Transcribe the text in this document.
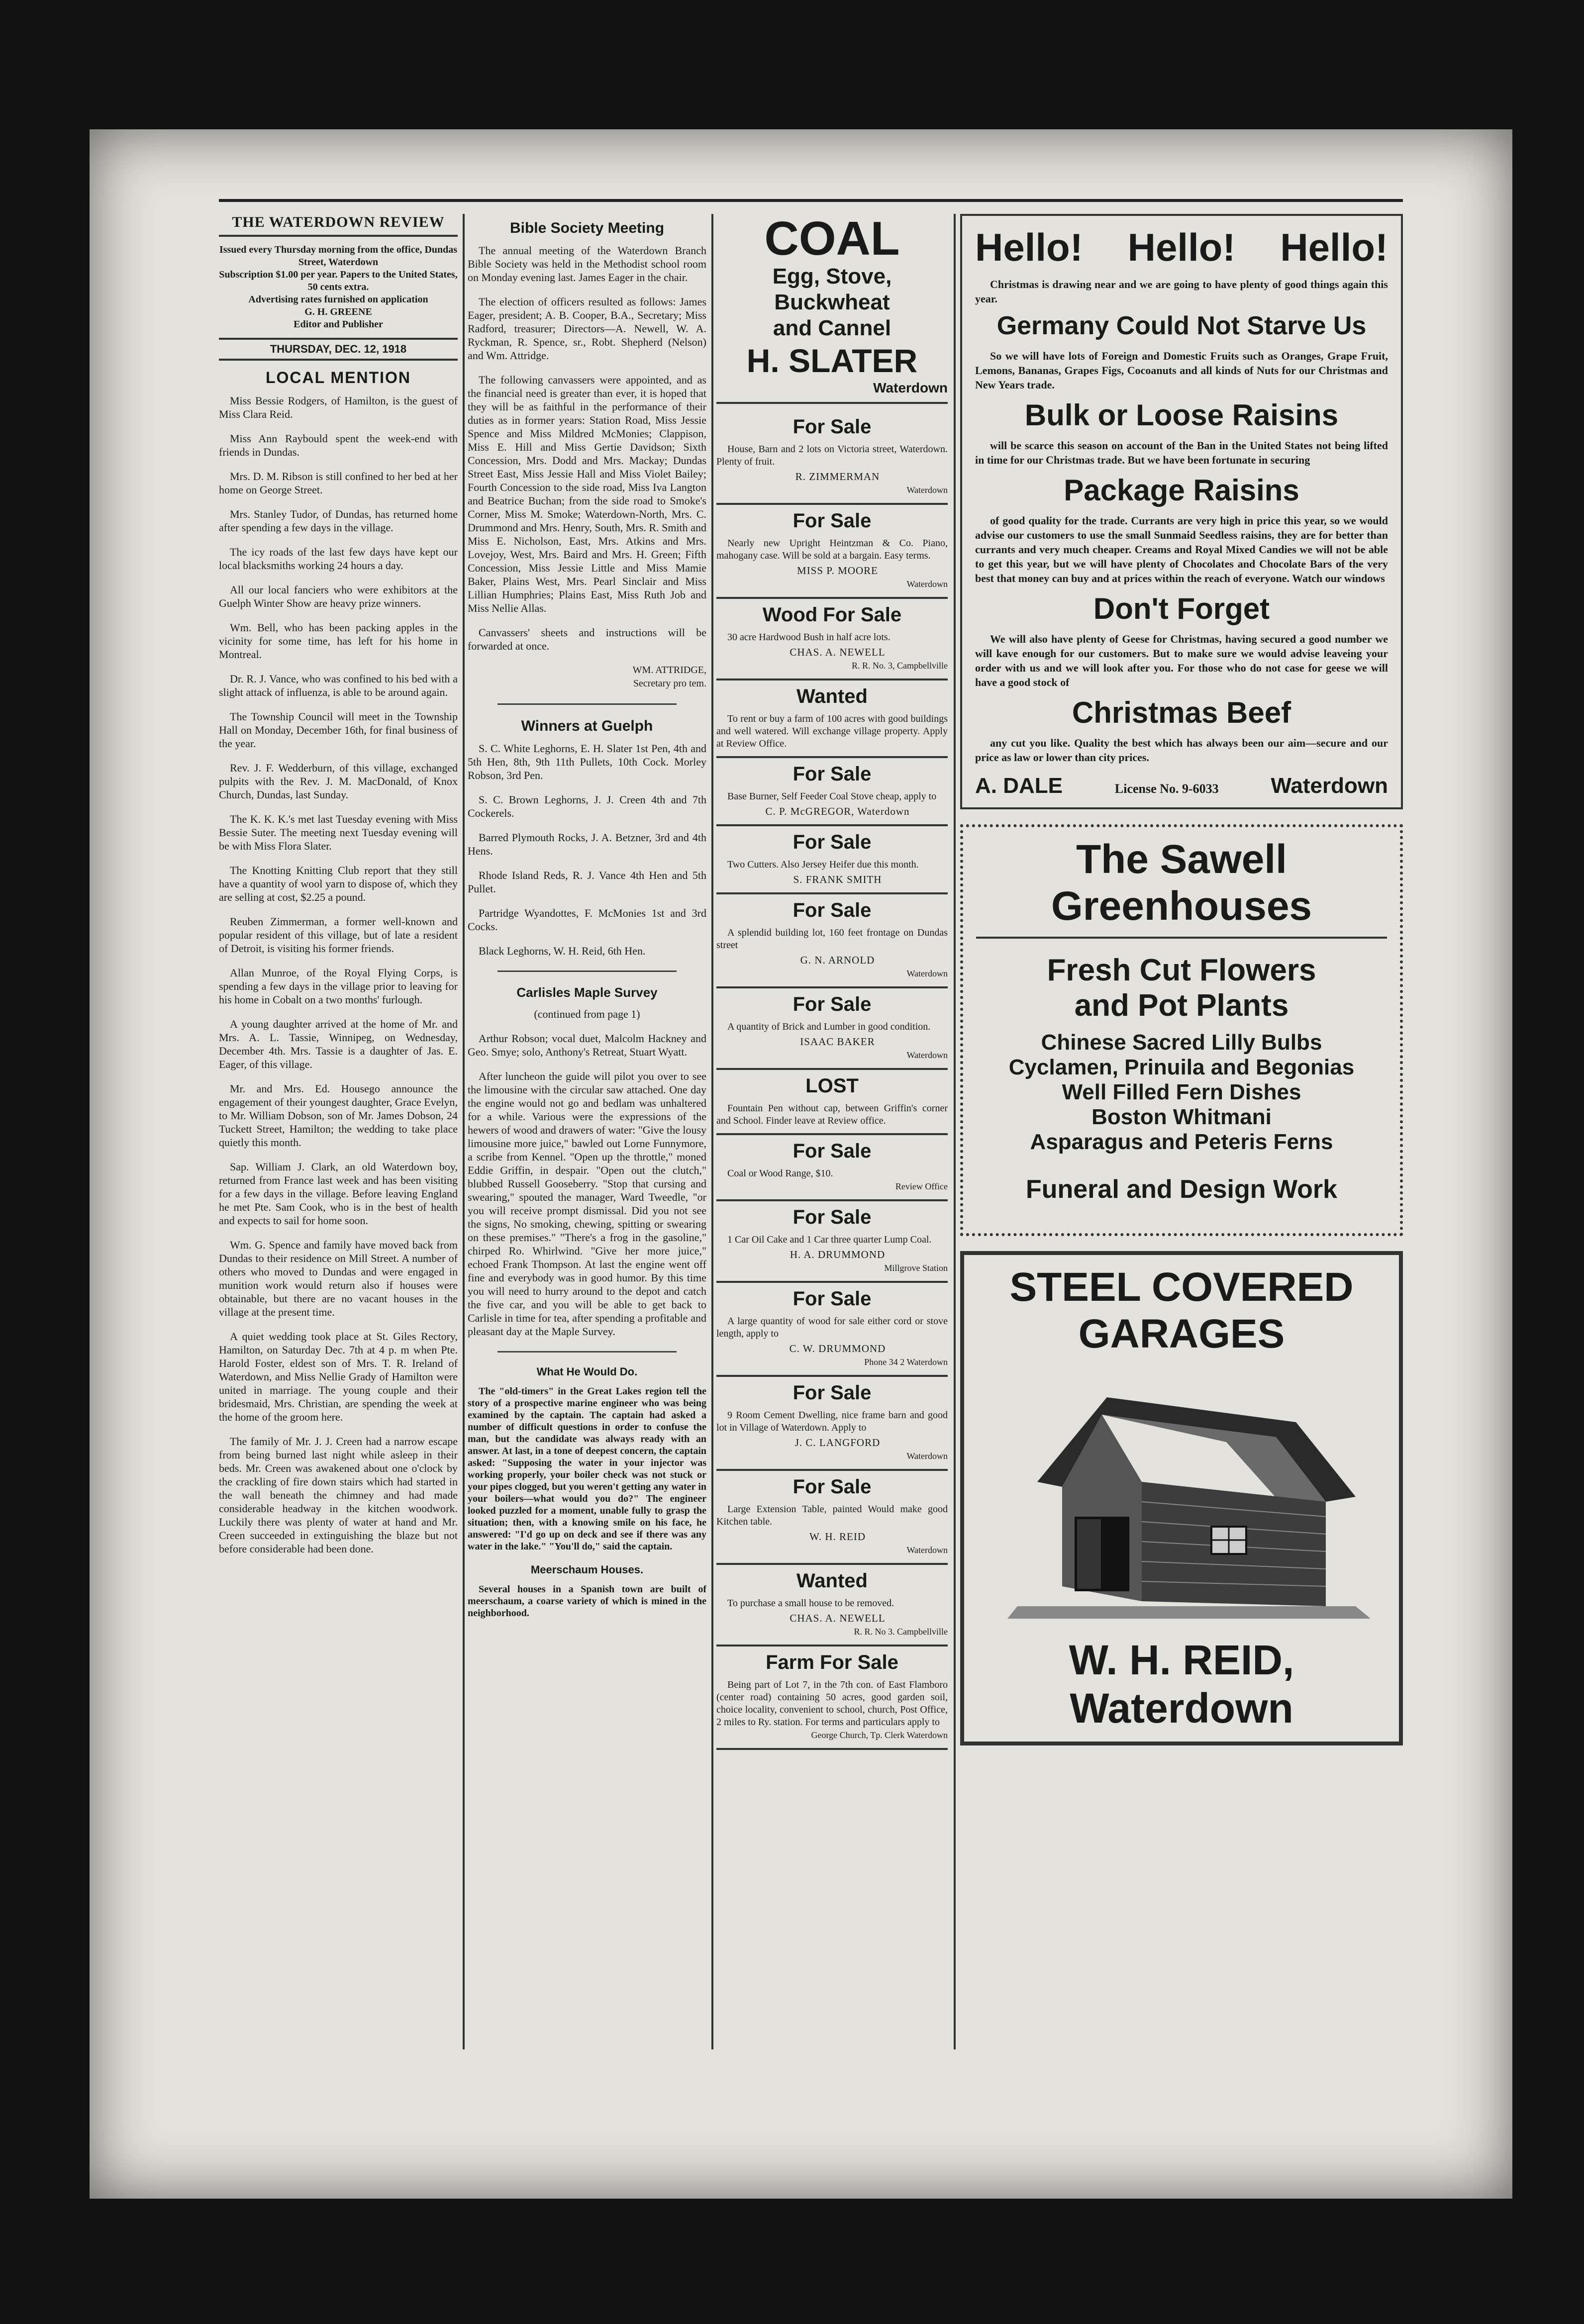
THE WATERDOWN REVIEW

Issued every Thursday morning from the office, Dundas Street, Waterdown

Subscription $1.00 per year. Papers to the United States, 50 cents extra.

Advertising rates furnished on application

G. H. GREENE

Editor and Publisher

THURSDAY, DEC. 12, 1918
LOCAL MENTION

Miss Bessie Rodgers, of Hamilton, is the guest of Miss Clara Reid.

Miss Ann Raybould spent the week-end with friends in Dundas.

Mrs. D. M. Ribson is still confined to her bed at her home on George Street.

Mrs. Stanley Tudor, of Dundas, has returned home after spending a few days in the village.

The icy roads of the last few days have kept our local blacksmiths working 24 hours a day.

All our local fanciers who were exhibitors at the Guelph Winter Show are heavy prize winners.

Wm. Bell, who has been packing apples in the vicinity for some time, has left for his home in Montreal.

Dr. R. J. Vance, who was confined to his bed with a slight attack of influenza, is able to be around again.

The Township Council will meet in the Township Hall on Monday, December 16th, for final business of the year.

Rev. J. F. Wedderburn, of this village, exchanged pulpits with the Rev. J. M. MacDonald, of Knox Church, Dundas, last Sunday.

The K. K. K.'s met last Tuesday evening with Miss Bessie Suter. The meeting next Tuesday evening will be with Miss Flora Slater.

The Knotting Knitting Club report that they still have a quantity of wool yarn to dispose of, which they are selling at cost, $2.25 a pound.

Reuben Zimmerman, a former well-known and popular resident of this village, but of late a resident of Detroit, is visiting his former friends.

Allan Munroe, of the Royal Flying Corps, is spending a few days in the village prior to leaving for his home in Cobalt on a two months' furlough.

A young daughter arrived at the home of Mr. and Mrs. A. L. Tassie, Winnipeg, on Wednesday, December 4th. Mrs. Tassie is a daughter of Jas. E. Eager, of this village.

Mr. and Mrs. Ed. Housego announce the engagement of their youngest daughter, Grace Evelyn, to Mr. William Dobson, son of Mr. James Dobson, 24 Tuckett Street, Hamilton; the wedding to take place quietly this month.

Sap. William J. Clark, an old Waterdown boy, returned from France last week and has been visiting for a few days in the village. Before leaving England he met Pte. Sam Cook, who is in the best of health and expects to sail for home soon.

Wm. G. Spence and family have moved back from Dundas to their residence on Mill Street. A number of others who moved to Dundas and were engaged in munition work would return also if houses were obtainable, but there are no vacant houses in the village at the present time.

A quiet wedding took place at St. Giles Rectory, Hamilton, on Saturday Dec. 7th at 4 p. m when Pte. Harold Foster, eldest son of Mrs. T. R. Ireland of Waterdown, and Miss Nellie Grady of Hamilton were united in marriage. The young couple and their bridesmaid, Mrs. Christian, are spending the week at the home of the groom here.

The family of Mr. J. J. Creen had a narrow escape from being burned last night while asleep in their beds. Mr. Creen was awakened about one o'clock by the crackling of fire down stairs which had started in the wall beneath the chimney and had made considerable headway in the kitchen woodwork. Luckily there was plenty of water at hand and Mr. Creen succeeded in extinguishing the blaze but not before considerable had been done.

Bible Society Meeting

The annual meeting of the Waterdown Branch Bible Society was held in the Methodist school room on Monday evening last. James Eager in the chair.

The election of officers resulted as follows: James Eager, president; A. B. Cooper, B.A., Secretary; Miss Radford, treasurer; Directors—A. Newell, W. A. Ryckman, R. Spence, sr., Robt. Shepherd (Nelson) and Wm. Attridge.

The following canvassers were appointed, and as the financial need is greater than ever, it is hoped that they will be as faithful in the performance of their duties as in former years: Station Road, Miss Jessie Spence and Miss Mildred McMonies; Clappison, Miss E. Hill and Miss Gertie Davidson; Sixth Concession, Mrs. Dodd and Mrs. Mackay; Dundas Street East, Miss Jessie Hall and Miss Violet Bailey; Fourth Concession to the side road, Miss Iva Langton and Beatrice Buchan; from the side road to Smoke's Corner, Miss M. Smoke; Waterdown-North, Mrs. C. Drummond and Mrs. Henry, South, Mrs. R. Smith and Miss E. Nicholson, East, Mrs. Atkins and Mrs. Lovejoy, West, Mrs. Baird and Mrs. H. Green; Fifth Concession, Miss Jessie Little and Miss Mamie Baker, Plains West, Mrs. Pearl Sinclair and Miss Lillian Humphries; Plains East, Miss Ruth Job and Miss Nellie Allas.

Canvassers' sheets and instructions will be forwarded at once.

WM. ATTRIDGE,

Secretary pro tem.

Winners at Guelph

S. C. White Leghorns, E. H. Slater 1st Pen, 4th and 5th Hen, 8th, 9th 11th Pullets, 10th Cock. Morley Robson, 3rd Pen.

S. C. Brown Leghorns, J. J. Creen 4th and 7th Cockerels.

Barred Plymouth Rocks, J. A. Betzner, 3rd and 4th Hens.

Rhode Island Reds, R. J. Vance 4th Hen and 5th Pullet.

Partridge Wyandottes, F. McMonies 1st and 3rd Cocks.

Black Leghorns, W. H. Reid, 6th Hen.

Carlisles Maple Survey

(continued from page 1)

Arthur Robson; vocal duet, Malcolm Hackney and Geo. Smye; solo, Anthony's Retreat, Stuart Wyatt.

After luncheon the guide will pilot you over to see the limousine with the circular saw attached. One day the engine would not go and bedlam was unhaltered for a while. Various were the expressions of the hewers of wood and drawers of water: "Give the lousy limousine more juice," bawled out Lorne Funnymore, a scribe from Kennel. "Open up the throttle," moned Eddie Griffin, in despair. "Open out the clutch," blubbed Russell Gooseberry. "Stop that cursing and swearing," spouted the manager, Ward Tweedle, "or you will receive prompt dismissal. Did you not see the signs, No smoking, chewing, spitting or swearing on these premises." "There's a frog in the gasoline," chirped Ro. Whirlwind. "Give her more juice," echoed Frank Thompson. At last the engine went off fine and everybody was in good humor. By this time you will need to hurry around to the depot and catch the five car, and you will be able to get back to Carlisle in time for tea, after spending a profitable and pleasant day at the Maple Survey.

What He Would Do.

The "old-timers" in the Great Lakes region tell the story of a prospective marine engineer who was being examined by the captain. The captain had asked a number of difficult questions in order to confuse the man, but the candidate was always ready with an answer. At last, in a tone of deepest concern, the captain asked: "Supposing the water in your injector was working properly, your boiler check was not stuck or your pipes clogged, but you weren't getting any water in your boilers—what would you do?" The engineer looked puzzled for a moment, unable fully to grasp the situation; then, with a knowing smile on his face, he answered: "I'd go up on deck and see if there was any water in the lake." "You'll do," said the captain.

Meerschaum Houses.

Several houses in a Spanish town are built of meerschaum, a coarse variety of which is mined in the neighborhood.

COAL
Egg, Stove, Buckwheat
and Cannel
H. SLATER
Waterdown
For Sale

House, Barn and 2 lots on Victoria street, Waterdown. Plenty of fruit.

R. ZIMMERMAN

Waterdown

For Sale

Nearly new Upright Heintzman & Co. Piano, mahogany case. Will be sold at a bargain. Easy terms.

MISS P. MOORE

Waterdown

Wood For Sale

30 acre Hardwood Bush in half acre lots.

CHAS. A. NEWELL

R. R. No. 3, Campbellville

Wanted

To rent or buy a farm of 100 acres with good buildings and well watered. Will exchange village property. Apply at Review Office.

For Sale

Base Burner, Self Feeder Coal Stove cheap, apply to

C. P. McGREGOR, Waterdown

For Sale

Two Cutters. Also Jersey Heifer due this month.

S. FRANK SMITH

For Sale

A splendid building lot, 160 feet frontage on Dundas street

G. N. ARNOLD

Waterdown

For Sale

A quantity of Brick and Lumber in good condition.

ISAAC BAKER

Waterdown

LOST

Fountain Pen without cap, between Griffin's corner and School. Finder leave at Review office.

For Sale

Coal or Wood Range, $10.

Review Office

For Sale

1 Car Oil Cake and 1 Car three quarter Lump Coal.

H. A. DRUMMOND

Millgrove Station

For Sale

A large quantity of wood for sale either cord or stove length, apply to

C. W. DRUMMOND

Phone 34 2 Waterdown

For Sale

9 Room Cement Dwelling, nice frame barn and good lot in Village of Waterdown. Apply to

J. C. LANGFORD

Waterdown

For Sale

Large Extension Table, painted Would make good Kitchen table.

W. H. REID

Waterdown

Wanted

To purchase a small house to be removed.

CHAS. A. NEWELL

R. R. No 3. Campbellville

Farm For Sale

Being part of Lot 7, in the 7th con. of East Flamboro (center road) containing 50 acres, good garden soil, choice locality, convenient to school, church, Post Office, 2 miles to Ry. station. For terms and particulars apply to

George Church, Tp. Clerk Waterdown

Hello! Hello! Hello!

Christmas is drawing near and we are going to have plenty of good things again this year.

Germany Could Not Starve Us

So we will have lots of Foreign and Domestic Fruits such as Oranges, Grape Fruit, Lemons, Bananas, Grapes Figs, Cocoanuts and all kinds of Nuts for our Christmas and New Years trade.

Bulk or Loose Raisins

will be scarce this season on account of the Ban in the United States not being lifted in time for our Christmas trade. But we have been fortunate in securing

Package Raisins

of good quality for the trade. Currants are very high in price this year, so we would advise our customers to use the small Sunmaid Seedless raisins, they are for better than currants and very much cheaper. Creams and Royal Mixed Candies we will not be able to get this year, but we will have plenty of Chocolates and Chocolate Bars of the very best that money can buy and at prices within the reach of everyone. Watch our windows

Don't Forget

We will also have plenty of Geese for Christmas, having secured a good number we will kave enough for our customers. But to make sure we would advise leaveing your order with us and we will look after you. For those who do not case for geese we will have a good stock of

Christmas Beef

any cut you like. Quality the best which has always been our aim—secure and our price as law or lower than city prices.

A. DALE	License No. 9-6033 Waterdown
The Sawell Greenhouses
Fresh Cut Flowers
and Pot Plants
Chinese Sacred Lilly Bulbs
Cyclamen, Prinuila and Begonias
Well Filled Fern Dishes
Boston Whitmani
Asparagus and Peteris Ferns
Funeral and Design Work
STEEL COVERED GARAGES
W. H. REID, Waterdown
